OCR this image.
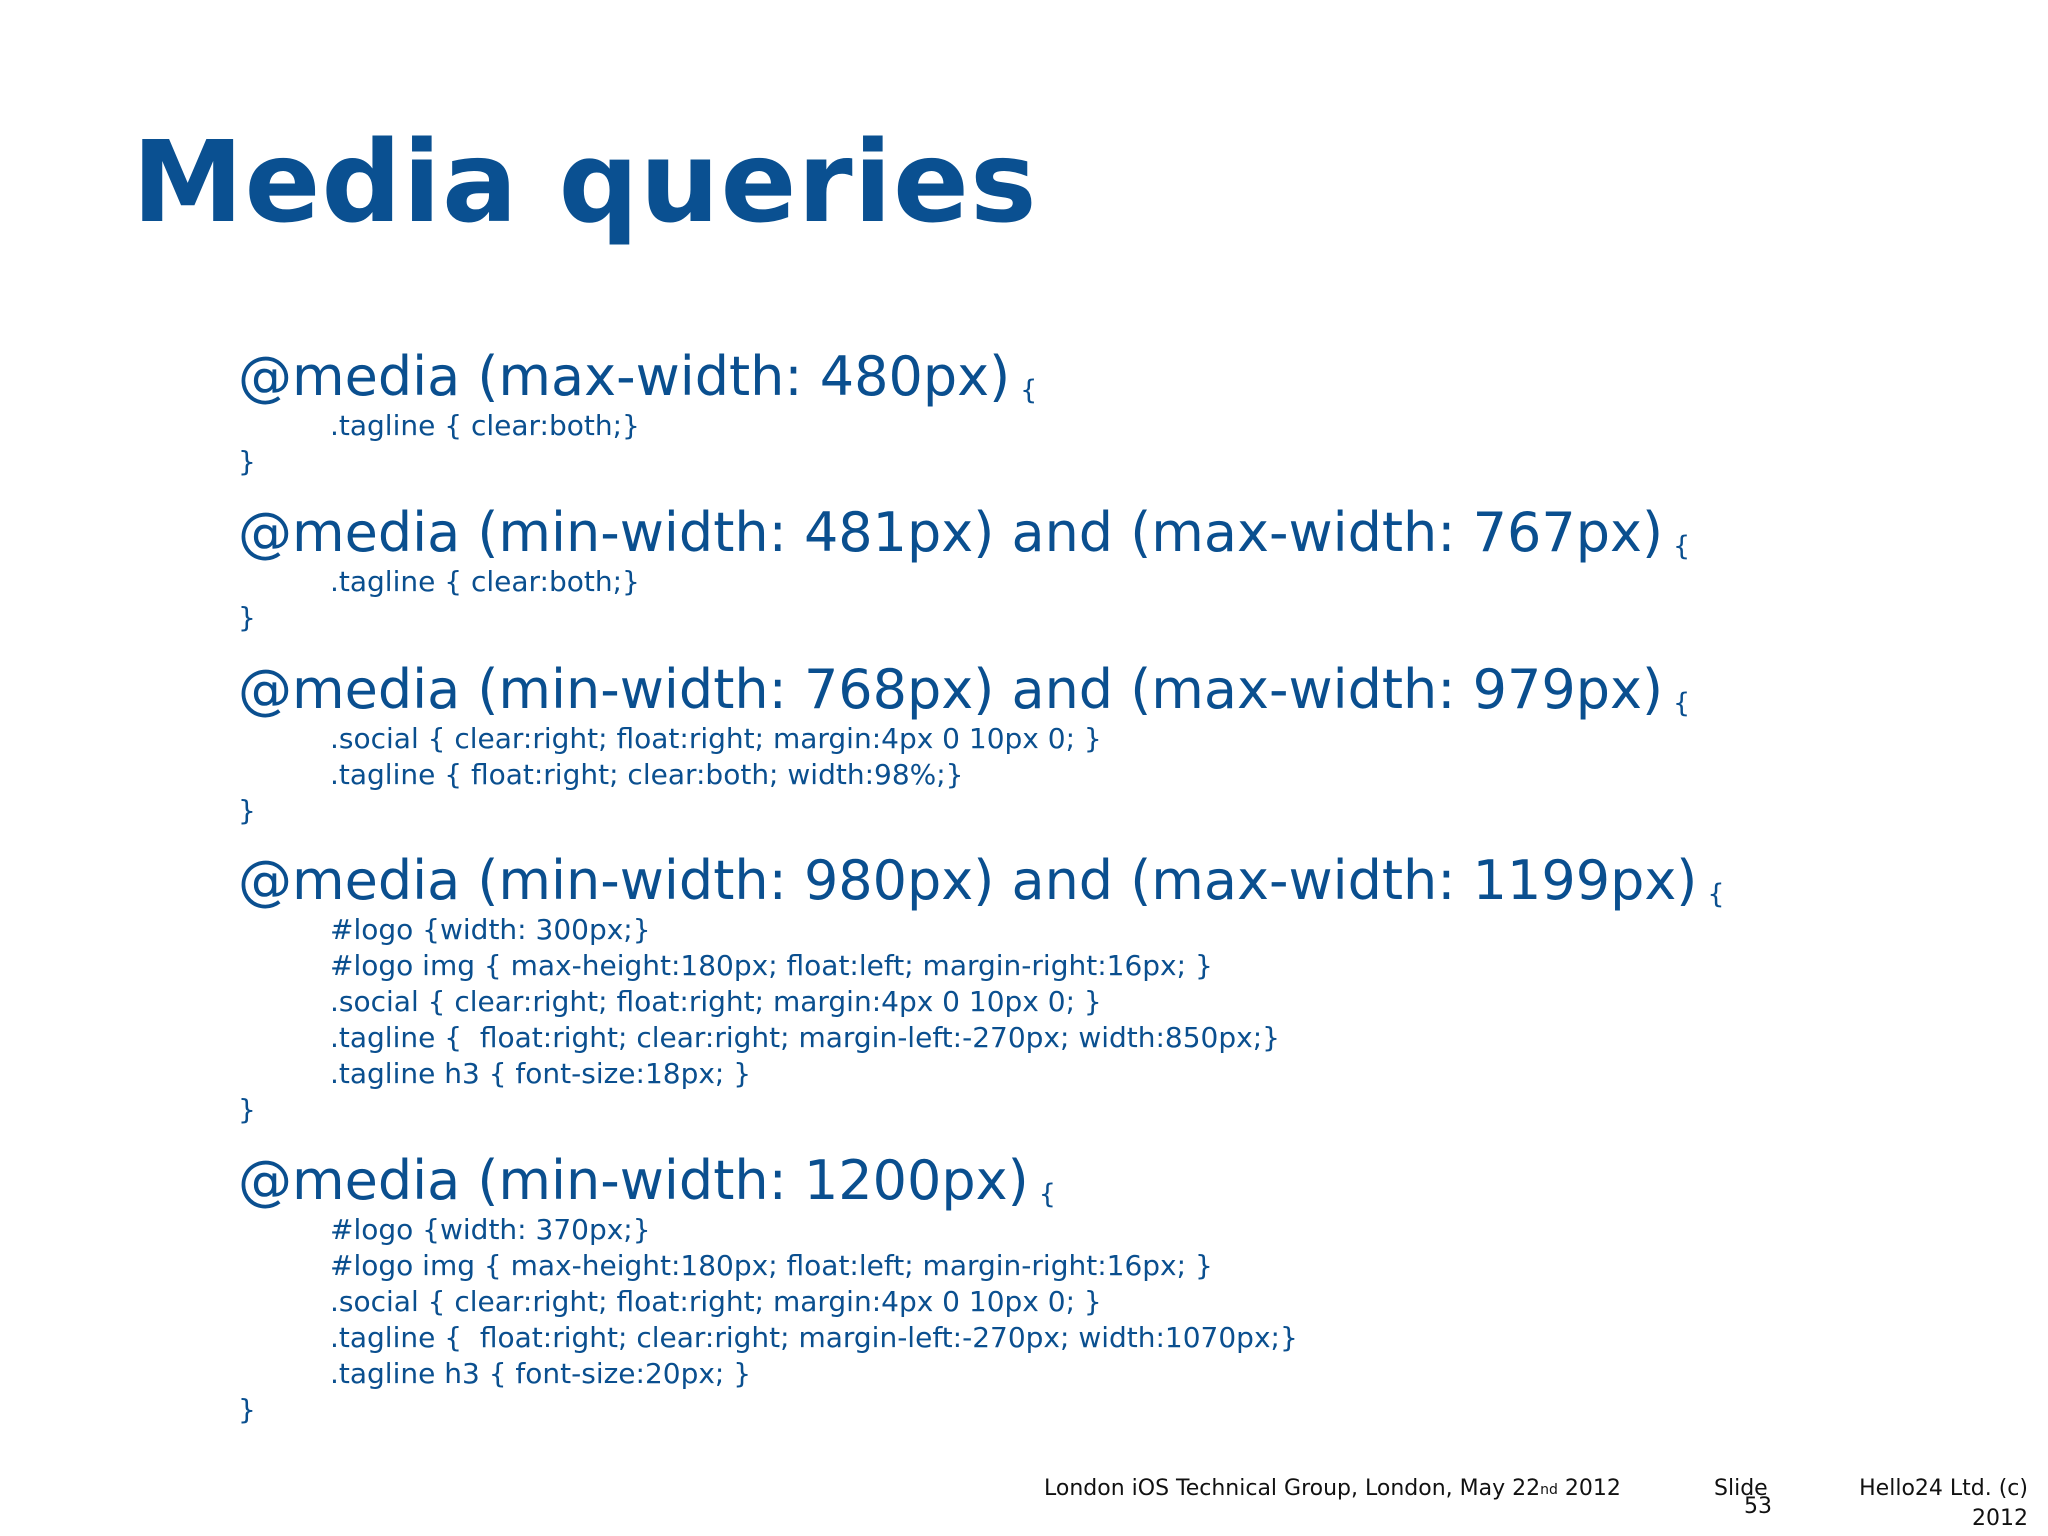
Media queries
@media (max-width: 480px) {
.tagline { clear:both;}
}
@media (min-width: 481px) and (max-width: 767px) {
.tagline { clear:both;}
}
@media (min-width: 768px) and (max-width: 979px) {
.social { clear:right; float:right; margin:4px 0 10px 0; }
.tagline { float:right; clear:both; width:98%;}
}
@media (min-width: 980px) and (max-width: 1199px) {
#logo {width: 300px;}
#logo img { max-height:180px; float:left; margin-right:16px; }
.social { clear:right; float:right; margin:4px 0 10px 0; }
.tagline {  float:right; clear:right; margin-left:-270px; width:850px;}
.tagline h3 { font-size:18px; }
}
@media (min-width: 1200px) {
#logo {width: 370px;}
#logo img { max-height:180px; float:left; margin-right:16px; }
.social { clear:right; float:right; margin:4px 0 10px 0; }
.tagline {  float:right; clear:right; margin-left:-270px; width:1070px;}
.tagline h3 { font-size:20px; }
}
London iOS Technical Group, London, May 22nd 2012	Slide
53
Hello24 Ltd. (c)
2012
